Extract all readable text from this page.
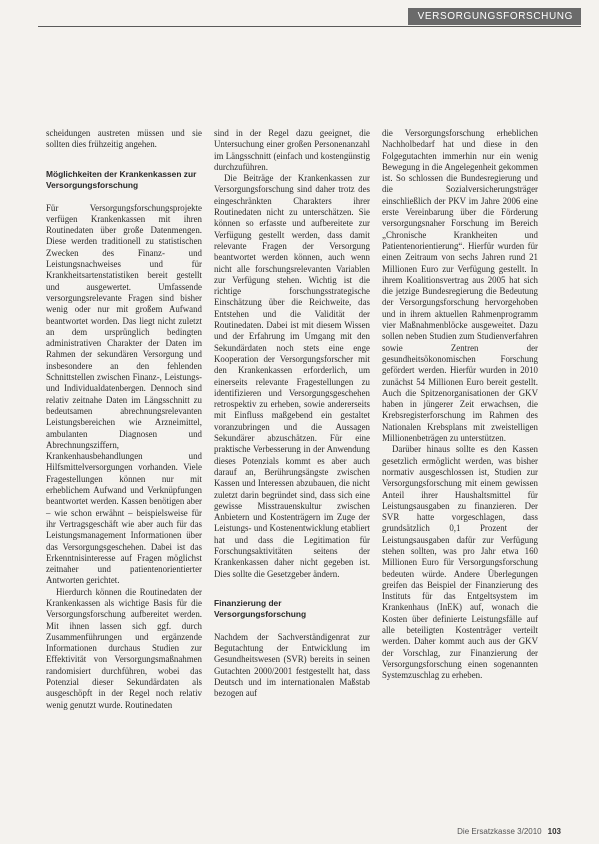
VERSORGUNGSFORSCHUNG

scheidungen austreten müssen und sie sollten dies frühzeitig angehen.

Möglichkeiten der Krankenkassen zur Versorgungsforschung

Für Versorgungsforschungsprojekte verfügen Krankenkassen mit ihren Routinedaten über große Datenmengen. Diese werden traditionell zu statistischen Zwecken des Finanz- und Leistungsnachweises und für Krankheitsartenstatistiken bereit gestellt und ausgewertet. Umfassende versorgungsrelevante Fragen sind bisher wenig oder nur mit großem Aufwand beantwortet worden. Das liegt nicht zuletzt an dem ursprünglich bedingten administrativen Charakter der Daten im Rahmen der sekundären Versorgung und insbesondere an den fehlenden Schnittstellen zwischen Finanz-, Leistungs- und Individualdatenbergen. Dennoch sind relativ zeitnahe Daten im Längsschnitt zu bedeutsamen abrechnungsrelevanten Leistungsbereichen wie Arzneimittel, ambulanten Diagnosen und Abrechnungsziffern, Krankenhausbehandlungen und Hilfsmittelversorgungen vorhanden. Viele Fragestellungen können nur mit erheblichem Aufwand und Verknüpfungen beantwortet werden. Kassen benötigen aber – wie schon erwähnt – beispielsweise für ihr Vertragsgeschäft wie aber auch für das Leistungsmanagement Informationen über das Versorgungsgeschehen. Dabei ist das Erkenntnisinteresse auf Fragen möglichst zeitnaher und patientenorientierter Antworten gerichtet.

Hierdurch können die Routinedaten der Krankenkassen als wichtige Basis für die Versorgungsforschung aufbereitet werden. Mit ihnen lassen sich ggf. durch Zusammenführungen und ergänzende Informationen durchaus Studien zur Effektivität von Versorgungsmaßnahmen randomisiert durchführen, wobei das Potenzial dieser Sekundärdaten als ausgeschöpft in der Regel noch relativ wenig genutzt wurde. Routinedaten

sind in der Regel dazu geeignet, die Untersuchung einer großen Personenanzahl im Längsschnitt (einfach und kostengünstig durchzuführen.

Die Beiträge der Krankenkassen zur Versorgungsforschung sind daher trotz des eingeschränkten Charakters ihrer Routinedaten nicht zu unterschätzen. Sie können so erfasste und aufbereitete zur Verfügung gestellt werden, dass damit relevante Fragen der Versorgung beantwortet werden können, auch wenn nicht alle forschungsrelevanten Variablen zur Verfügung stehen. Wichtig ist die richtige forschungsstrategische Einschätzung über die Reichweite, das Entstehen und die Validität der Routinedaten. Dabei ist mit diesem Wissen und der Erfahrung im Umgang mit den Sekundärdaten noch stets eine enge Kooperation der Versorgungsforscher mit den Krankenkassen erforderlich, um einerseits relevante Fragestellungen zu identifizieren und Versorgungsgeschehen retrospektiv zu erheben, sowie andererseits mit Einfluss maßgebend ein gestaltet voranzubringen und die Aussagen Sekundärer abzuschätzen. Für eine praktische Verbesserung in der Anwendung dieses Potenzials kommt es aber auch darauf an, Berührungsängste zwischen Kassen und Interessen abzubauen, die nicht zuletzt darin begründet sind, dass sich eine gewisse Misstrauenskultur zwischen Anbietern und Kostenträgern im Zuge der Leistungs- und Kostenentwicklung etabliert hat und dass die Legitimation für Forschungsaktivitäten seitens der Krankenkassen daher nicht gegeben ist. Dies sollte die Gesetzgeber ändern.

Finanzierung der Versorgungsforschung

Nachdem der Sachverständigenrat zur Begutachtung der Entwicklung im Gesundheitswesen (SVR) bereits in seinen Gutachten 2000/2001 festgestellt hat, dass Deutsch und im internationalen Maßstab bezogen auf

die Versorgungsforschung erheblichen Nachholbedarf hat und diese in den Folgegutachten immerhin nur ein wenig Bewegung in die Angelegenheit gekommen ist. So schlossen die Bundesregierung und die Sozialversicherungsträger einschließlich der PKV im Jahre 2006 eine erste Vereinbarung über die Förderung versorgungsnaher Forschung im Bereich „Chronische Krankheiten und Patientenorientierung“. Hierfür wurden für einen Zeitraum von sechs Jahren rund 21 Millionen Euro zur Verfügung gestellt. In ihrem Koalitionsvertrag aus 2005 hat sich die jetzige Bundesregierung die Bedeutung der Versorgungsforschung hervorgehoben und in ihrem aktuellen Rahmenprogramm vier Maßnahmenblöcke ausgeweitet. Dazu sollen neben Studien zum Studienverfahren sowie Zentren der gesundheitsökonomischen Forschung gefördert werden. Hierfür wurden in 2010 zunächst 54 Millionen Euro bereit gestellt. Auch die Spitzenorganisationen der GKV haben in jüngerer Zeit erwachsen, die Krebsregisterforschung im Rahmen des Nationalen Krebsplans mit zweistelligen Millionenbeträgen zu unterstützen.

Darüber hinaus sollte es den Kassen gesetzlich ermöglicht werden, was bisher normativ ausgeschlossen ist, Studien zur Versorgungsforschung mit einem gewissen Anteil ihrer Haushaltsmittel für Leistungsausgaben zu finanzieren. Der SVR hatte vorgeschlagen, dass grundsätzlich 0,1 Prozent der Leistungsausgaben dafür zur Verfügung stehen sollten, was pro Jahr etwa 160 Millionen Euro für Versorgungsforschung bedeuten würde. Andere Überlegungen greifen das Beispiel der Finanzierung des Instituts für das Entgeltsystem im Krankenhaus (InEK) auf, wonach die Kosten über definierte Leistungsfälle auf alle beteiligten Kostenträger verteilt werden. Daher kommt auch aus der GKV der Vorschlag, zur Finanzierung der Versorgungsforschung einen sogenannten Systemzuschlag zu erheben.

Die Ersatzkasse 3/2010 103
